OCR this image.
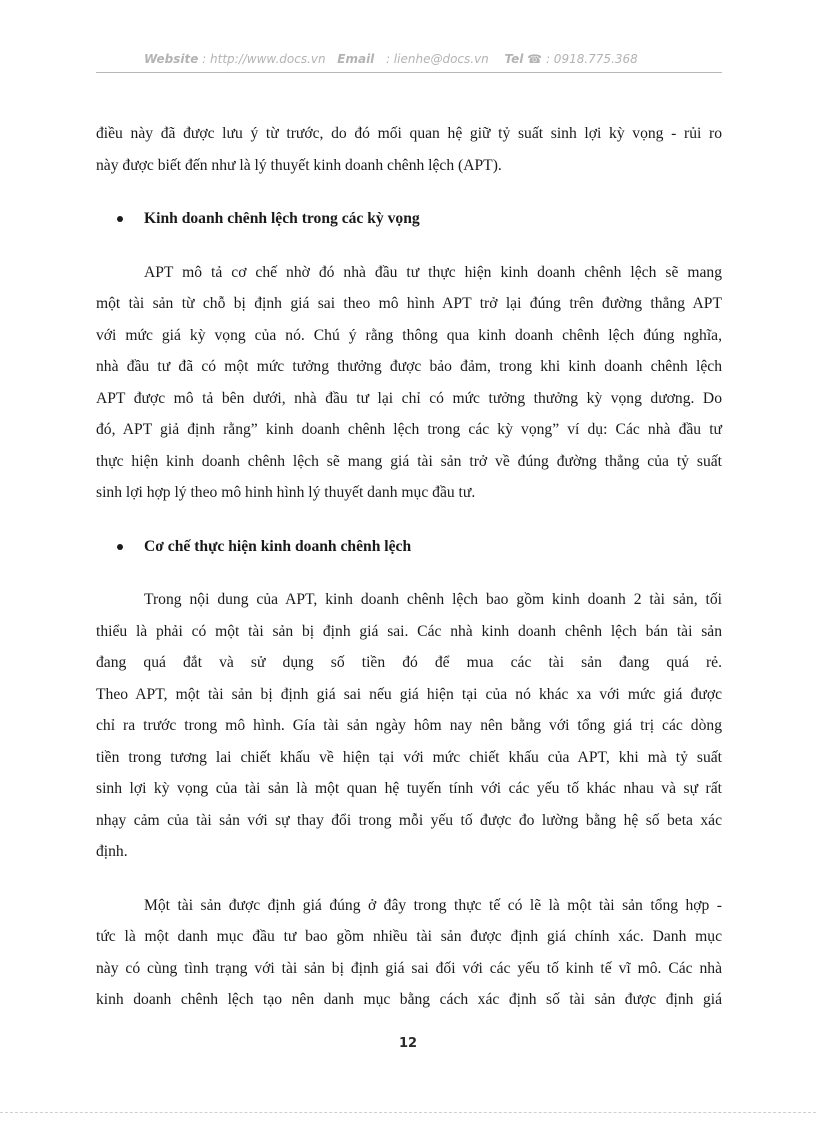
Website : http://www.docs.vn Email : lienhe@docs.vn Tel ☎ : 0918.775.368
điều này đã được lưu ý từ trước, do đó mối quan hệ giữ tỷ suất sinh lợi kỳ vọng - rủi ro
này được biết đến như là lý thuyết kinh doanh chênh lệch (APT).
Kinh doanh chênh lệch trong các kỳ vọng
APT mô tả cơ chế nhờ đó nhà đầu tư thực hiện kinh doanh chênh lệch sẽ mang
một tài sản từ chỗ bị định giá sai theo mô hình APT trở lại đúng trên đường thẳng APT
với mức giá kỳ vọng của nó. Chú ý rằng thông qua kinh doanh chênh lệch đúng nghĩa,
nhà đầu tư đã có một mức tưởng thưởng được bảo đảm, trong khi kinh doanh chênh lệch
APT được mô tả bên dưới, nhà đầu tư lại chỉ có mức tưởng thưởng kỳ vọng dương. Do
đó, APT giả định rằng” kinh doanh chênh lệch trong các kỳ vọng” ví dụ: Các nhà đầu tư
thực hiện kinh doanh chênh lệch sẽ mang giá tài sản trở về đúng đường thẳng của tỷ suất
sinh lợi hợp lý theo mô hinh hình lý thuyết danh mục đầu tư.
Cơ chế thực hiện kinh doanh chênh lệch
Trong nội dung của APT, kinh doanh chênh lệch bao gồm kinh doanh 2 tài sản, tối
thiểu là phải có một tài sản bị định giá sai. Các nhà kinh doanh chênh lệch bán tài sản
đang quá đắt và sử dụng số tiền đó để mua các tài sản đang quá rẻ.
Theo APT, một tài sản bị định giá sai nếu giá hiện tại của nó khác xa với mức giá được
chỉ ra trước trong mô hình. Gía tài sản ngày hôm nay nên bằng với tổng giá trị các dòng
tiền trong tương lai chiết khấu về hiện tại với mức chiết khấu của APT, khi mà tỷ suất
sinh lợi kỳ vọng của tài sản là một quan hệ tuyến tính với các yếu tố khác nhau và sự rất
nhạy cảm của tài sản với sự thay đổi trong mỗi yếu tố được đo lường bằng hệ số beta xác
định.
Một tài sản được định giá đúng ở đây trong thực tế có lẽ là một tài sản tổng hợp -
tức là một danh mục đầu tư bao gồm nhiều tài sản được định giá chính xác. Danh mục
này có cùng tình trạng với tài sản bị định giá sai đối với các yếu tố kinh tế vĩ mô. Các nhà
kinh doanh chênh lệch tạo nên danh mục bằng cách xác định số tài sản được định giá
12
